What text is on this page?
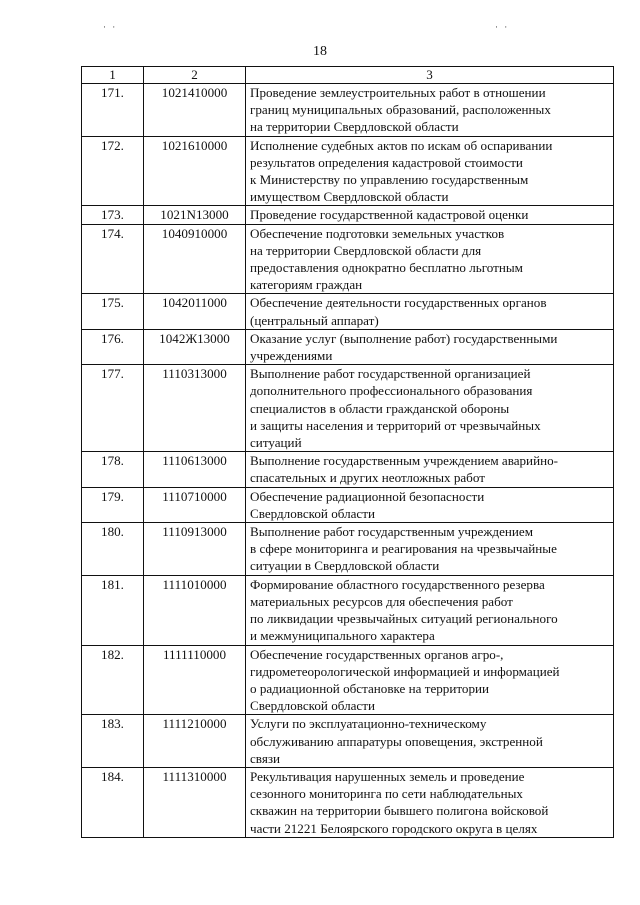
· ·	· ·
18
1	2	3
171.	1021410000	Проведение землеустроительных работ в отношении
границ муниципальных образований, расположенных
на территории Свердловской области
172.	1021610000	Исполнение судебных актов по искам об оспаривании
результатов определения кадастровой стоимости
к Министерству по управлению государственным
имуществом Свердловской области
173.	1021N13000	Проведение государственной кадастровой оценки
174.	1040910000	Обеспечение подготовки земельных участков
на территории Свердловской области для
предоставления однократно бесплатно льготным
категориям граждан
175.	1042011000	Обеспечение деятельности государственных органов
(центральный аппарат)
176.	1042Ж13000	Оказание услуг (выполнение работ) государственными
учреждениями
177.	1110313000	Выполнение работ государственной организацией
дополнительного профессионального образования
специалистов в области гражданской обороны
и защиты населения и территорий от чрезвычайных
ситуаций
178.	1110613000	Выполнение государственным учреждением аварийно-
спасательных и других неотложных работ
179.	1110710000	Обеспечение радиационной безопасности
Свердловской области
180.	1110913000	Выполнение работ государственным учреждением
в сфере мониторинга и реагирования на чрезвычайные
ситуации в Свердловской области
181.	1111010000	Формирование областного государственного резерва
материальных ресурсов для обеспечения работ
по ликвидации чрезвычайных ситуаций регионального
и межмуниципального характера
182.	1111110000	Обеспечение государственных органов агро-,
гидрометеорологической информацией и информацией
о радиационной обстановке на территории
Свердловской области
183.	1111210000	Услуги по эксплуатационно-техническому
обслуживанию аппаратуры оповещения, экстренной
связи
184.	1111310000	Рекультивация нарушенных земель и проведение
сезонного мониторинга по сети наблюдательных
скважин на территории бывшего полигона войсковой
части 21221 Белоярского городского округа в целях
